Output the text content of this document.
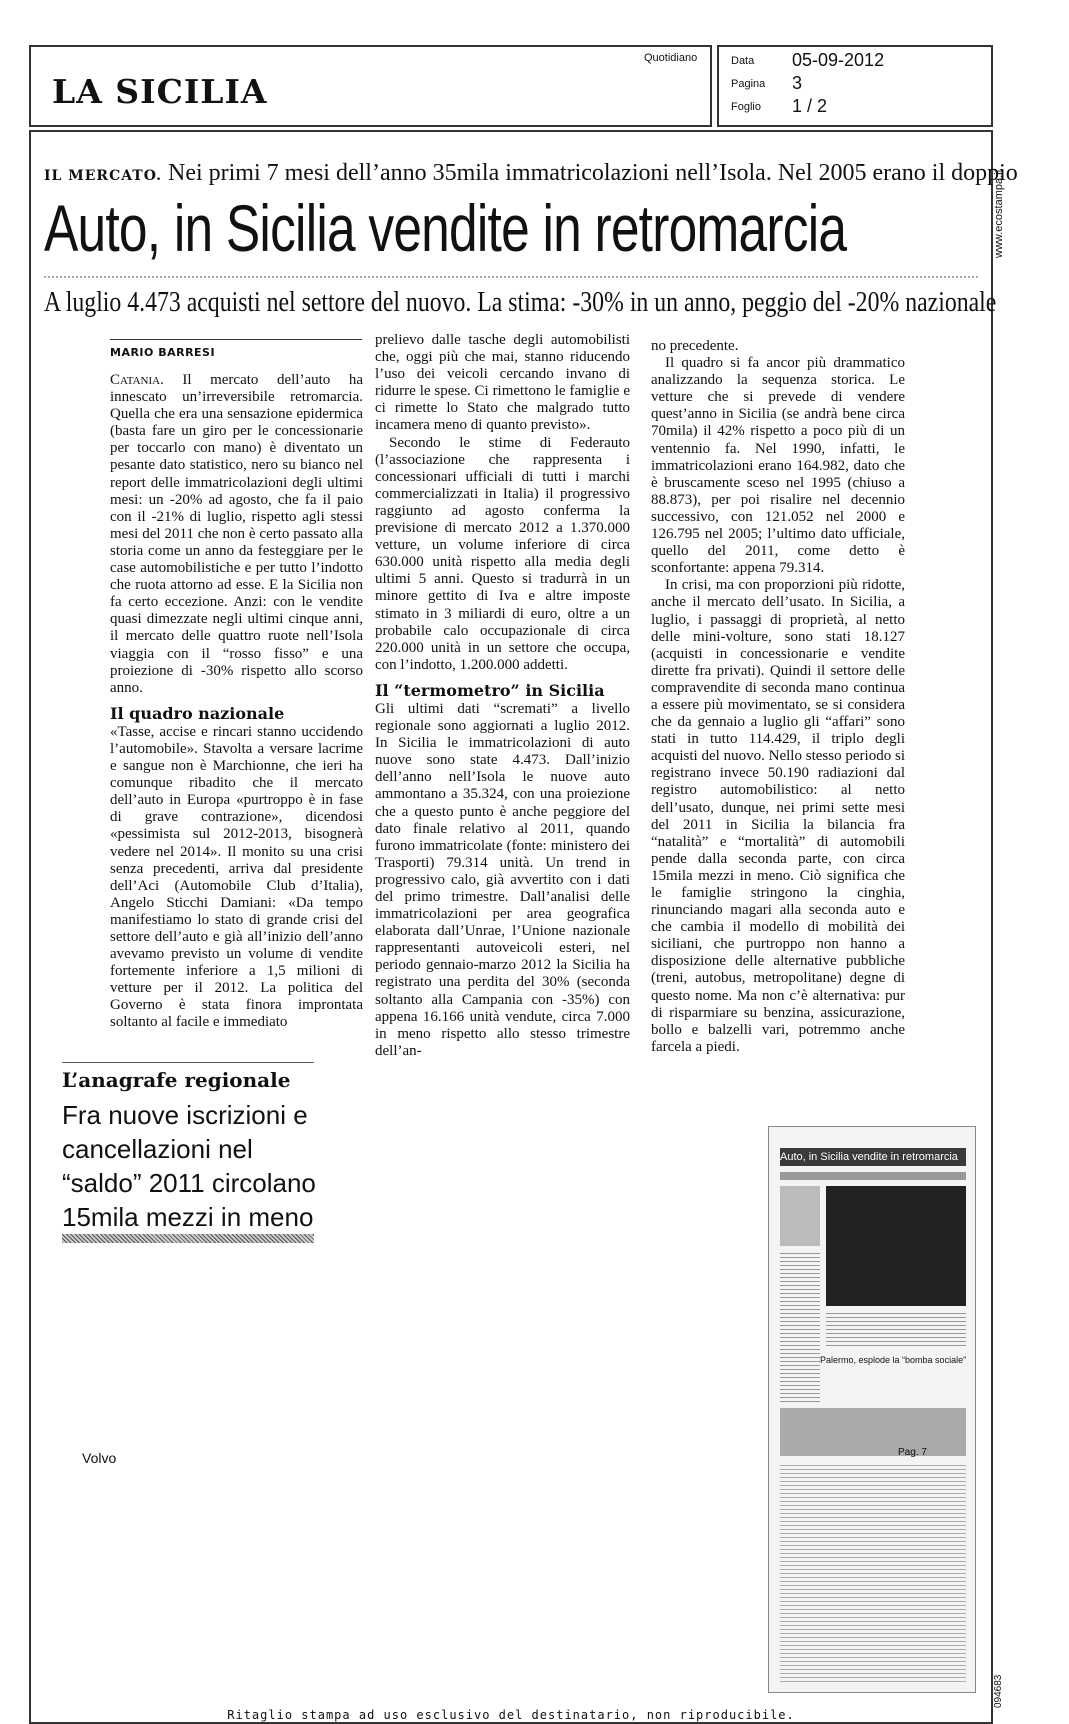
LA SICILIA
Quotidiano	Data 05-09-2012
Pagina 3
Foglio 1 / 2
www.ecostampa.it
094683
IL MERCATO. Nei primi 7 mesi dell’anno 35mila immatricolazioni nell’Isola. Nel 2005 erano il doppio
Auto, in Sicilia vendite in retromarcia
A luglio 4.473 acquisti nel settore del nuovo. La stima: -30% in un anno, peggio del -20% nazionale
MARIO BARRESI

Catania. Il mercato dell’auto ha innescato un’irreversibile retromarcia. Quella che era una sensazione epidermica (basta fare un giro per le concessionarie per toccarlo con mano) è diventato un pesante dato statistico, nero su bianco nel report delle immatricolazioni degli ultimi mesi: un -20% ad agosto, che fa il paio con il -21% di luglio, rispetto agli stessi mesi del 2011 che non è certo passato alla storia come un anno da festeggiare per le case automobilistiche e per tutto l’indotto che ruota attorno ad esse. E la Sicilia non fa certo eccezione. Anzi: con le vendite quasi dimezzate negli ultimi cinque anni, il mercato delle quattro ruote nell’Isola viaggia con il “rosso fisso” e una proiezione di -30% rispetto allo scorso anno.

Il quadro nazionale

«Tasse, accise e rincari stanno uccidendo l’automobile». Stavolta a versare lacrime e sangue non è Marchionne, che ieri ha comunque ribadito che il mercato dell’auto in Europa «purtroppo è in fase di grave contrazione», dicendosi «pessimista sul 2012-2013, bisognerà vedere nel 2014». Il monito su una crisi senza precedenti, arriva dal presidente dell’Aci (Automobile Club d’Italia), Angelo Sticchi Damiani: «Da tempo manifestiamo lo stato di grande crisi del settore dell’auto e già all’inizio dell’anno avevamo previsto un volume di vendite fortemente inferiore a 1,5 milioni di vetture per il 2012. La politica del Governo è stata finora improntata soltanto al facile e immediato

prelievo dalle tasche degli automobilisti che, oggi più che mai, stanno riducendo l’uso dei veicoli cercando invano di ridurre le spese. Ci rimettono le famiglie e ci rimette lo Stato che malgrado tutto incamera meno di quanto previsto».

Secondo le stime di Federauto (l’associazione che rappresenta i concessionari ufficiali di tutti i marchi commercializzati in Italia) il progressivo raggiunto ad agosto conferma la previsione di mercato 2012 a 1.370.000 vetture, un volume inferiore di circa 630.000 unità rispetto alla media degli ultimi 5 anni. Questo si tradurrà in un minore gettito di Iva e altre imposte stimato in 3 miliardi di euro, oltre a un probabile calo occupazionale di circa 220.000 unità in un settore che occupa, con l’indotto, 1.200.000 addetti.

Il “termometro” in Sicilia

Gli ultimi dati “scremati” a livello regionale sono aggiornati a luglio 2012. In Sicilia le immatricolazioni di auto nuove sono state 4.473. Dall’inizio dell’anno nell’Isola le nuove auto ammontano a 35.324, con una proiezione che a questo punto è anche peggiore del dato finale relativo al 2011, quando furono immatricolate (fonte: ministero dei Trasporti) 79.314 unità. Un trend in progressivo calo, già avvertito con i dati del primo trimestre. Dall’analisi delle immatricolazioni per area geografica elaborata dall’Unrae, l’Unione nazionale rappresentanti autoveicoli esteri, nel periodo gennaio-marzo 2012 la Sicilia ha registrato una perdita del 30% (seconda soltanto alla Campania con -35%) con appena 16.166 unità vendute, circa 7.000 in meno rispetto allo stesso trimestre dell’an-

no precedente.

Il quadro si fa ancor più drammatico analizzando la sequenza storica. Le vetture che si prevede di vendere quest’anno in Sicilia (se andrà bene circa 70mila) il 42% rispetto a poco più di un ventennio fa. Nel 1990, infatti, le immatricolazioni erano 164.982, dato che è bruscamente sceso nel 1995 (chiuso a 88.873), per poi risalire nel decennio successivo, con 121.052 nel 2000 e 126.795 nel 2005; l’ultimo dato ufficiale, quello del 2011, come detto è sconfortante: appena 79.314.

In crisi, ma con proporzioni più ridotte, anche il mercato dell’usato. In Sicilia, a luglio, i passaggi di proprietà, al netto delle mini-volture, sono stati 18.127 (acquisti in concessionarie e vendite dirette fra privati). Quindi il settore delle compravendite di seconda mano continua a essere più movimentato, se si considera che da gennaio a luglio gli “affari” sono stati in tutto 114.429, il triplo degli acquisti del nuovo. Nello stesso periodo si registrano invece 50.190 radiazioni dal registro automobilistico: al netto dell’usato, dunque, nei primi sette mesi del 2011 in Sicilia la bilancia fra “natalità” e “mortalità” di automobili pende dalla seconda parte, con circa 15mila mezzi in meno. Ciò significa che le famiglie stringono la cinghia, rinunciando magari alla seconda auto e che cambia il modello di mobilità dei siciliani, che purtroppo non hanno a disposizione delle alternative pubbliche (treni, autobus, metropolitane) degne di questo nome. Ma non c’è alternativa: pur di risparmiare su benzina, assicurazione, bollo e balzelli vari, potremmo anche farcela a piedi.

L’anagrafe regionale
Fra nuove iscrizioni e cancellazioni nel “saldo” 2011 circolano 15mila mezzi in meno
Auto, in Sicilia vendite in retromarcia
Palermo, esplode la “bomba sociale”
Ritaglio stampa ad uso esclusivo del destinatario, non riproducibile.
Volvo	Pag. 7
